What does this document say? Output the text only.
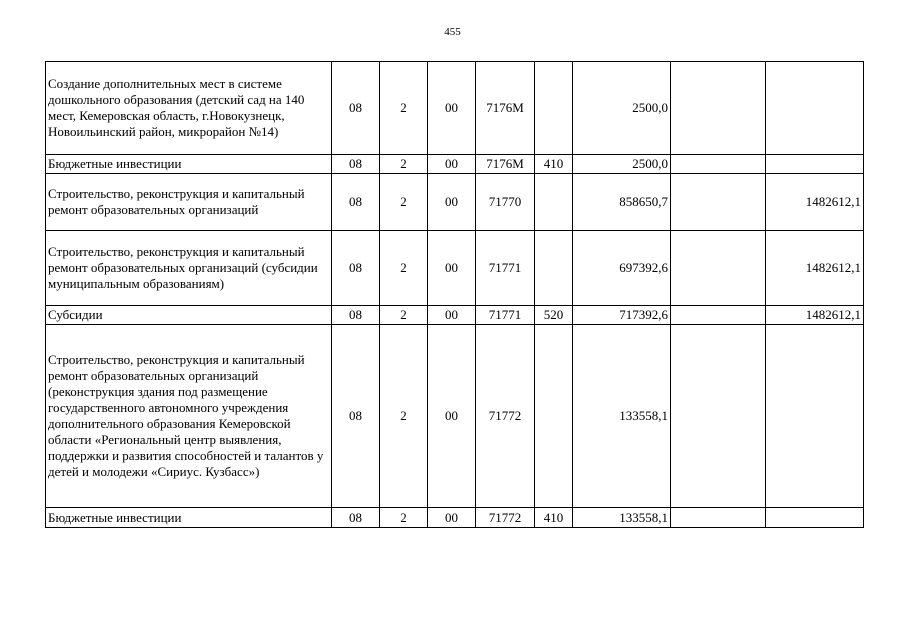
455
Создание дополнительных мест в системе дошкольного образования (детский сад на 140 мест, Кемеровская область, г.Новокузнецк, Новоильинский район, микрорайон №14)	08	2	00	7176М		2500,0		
Бюджетные инвестиции	08	2	00	7176М	410	2500,0		
Строительство, реконструкция и капитальный ремонт образовательных организаций	08	2	00	71770		858650,7		1482612,1
Строительство, реконструкция и капитальный ремонт образовательных организаций (субсидии муниципальным образованиям)	08	2	00	71771		697392,6		1482612,1
Субсидии	08	2	00	71771	520	717392,6		1482612,1
Строительство, реконструкция и капитальный ремонт образовательных организаций (реконструкция здания под размещение государственного автономного учреждения дополнительного образования Кемеровской области «Региональный центр выявления, поддержки и развития способностей и талантов у детей и молодежи «Сириус. Кузбасс»)	08	2	00	71772		133558,1		
Бюджетные инвестиции	08	2	00	71772	410	133558,1		
